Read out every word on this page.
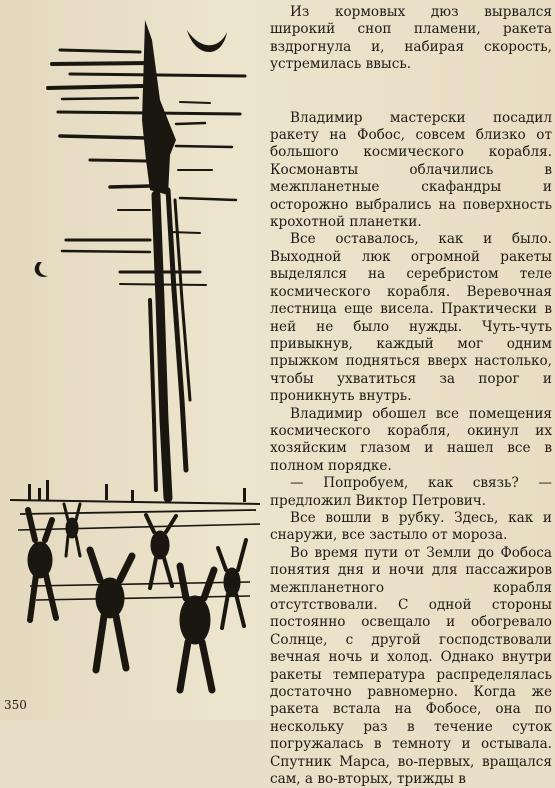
Из кормовых дюз вырвался широкий сноп пламени, ракета вздрогнула и, набирая скорость, устремилась ввысь.

Владимир мастерски посадил ракету на Фобос, совсем близко от большого космического корабля. Космонавты облачились в межпланетные скафандры и осторожно выбрались на поверхность крохотной планетки.

Все оставалось, как и было. Выходной люк огромной ракеты выделялся на серебристом теле космического корабля. Веревочная лестница еще висела. Практически в ней не было нужды. Чуть-чуть привыкнув, каждый мог одним прыжком подняться вверх настолько, чтобы ухватиться за порог и проникнуть внутрь.

Владимир обошел все помещения космического корабля, окинул их хозяйским глазом и нашел все в полном порядке.

— Попробуем, как связь? — предложил Виктор Петрович.

Все вошли в рубку. Здесь, как и снаружи, все застыло от мороза.

Во время пути от Земли до Фобоса понятия дня и ночи для пассажиров межпланетного корабля отсутствовали. С одной стороны постоянно освещало и обогревало Солнце, с другой господствовали вечная ночь и холод. Однако внутри ракеты температура распределялась достаточно равномерно. Когда же ракета встала на Фобосе, она по нескольку раз в течение суток погружалась в темноту и остывала. Спутник Марса, во-первых, вращался сам, а во-вторых, трижды в

350
